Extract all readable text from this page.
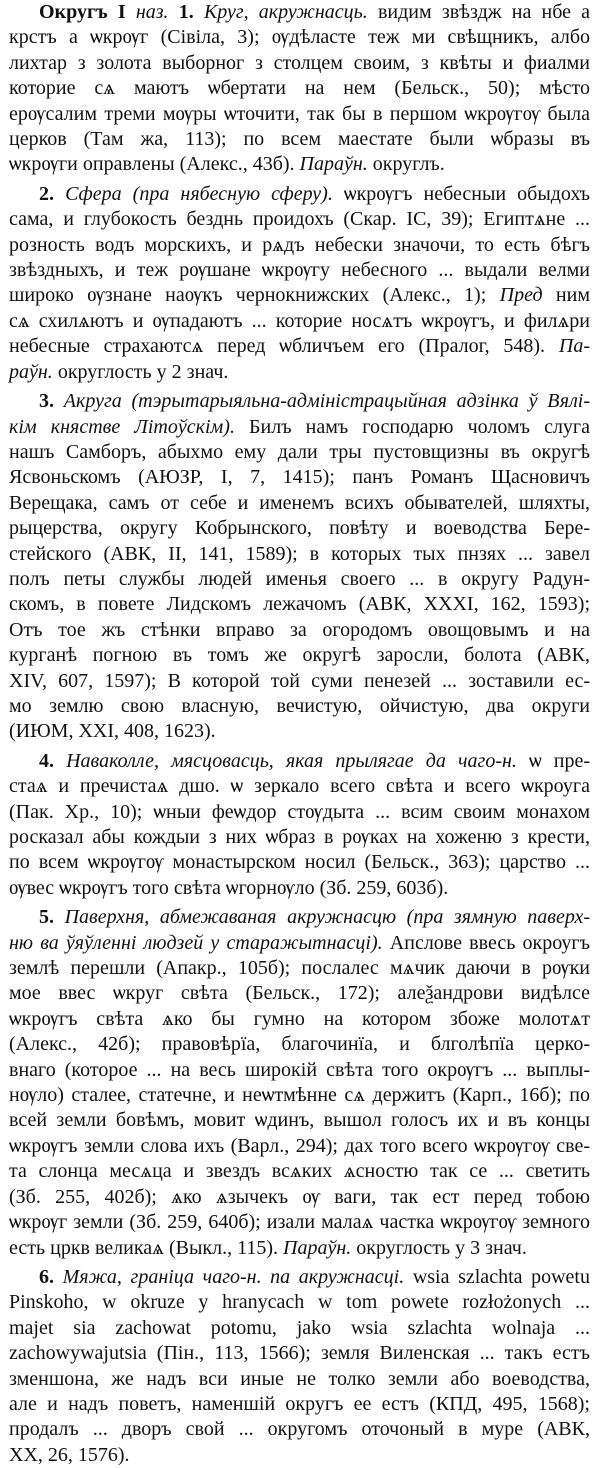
Округъ I наз. 1. Круг, акружнасць. видим звѣздж на нбе а
крстъ а ѡкрѹг (Сівіла, 3); ѹдѣласте теж ми свѣщникъ, албо
лихтар з золота выборног з столцем своим, з квѣты и фиалми
которие сѧ маютъ ѡбертати на нем (Бельск., 50); мѣсто
ерѹсалим треми мѹры ѡточити, так бы в першом ѡкрѹгѹ была
церков (Там жа, 113); по всем маестате были ѡбразы въ
ѡкрѹги оправлены (Алекс., 43б). Параўн. округлъ.
2. Сфера (пра нябесную сферу). ѡкрѹгъ небесныи обыдохъ
сама, и глубокость безднь проидохъ (Скар. ІС, 39); Египтѧне ...
розность водъ морскихъ, и рѧдъ небески значочи, то есть бѣгъ
звѣздныхъ, и теж рѹшане ѡкрѹгу небесного ... выдали велми
широко ѹзнане наѹкъ чернокнижских (Алекс., 1); Пред ним
сѧ схилѧютъ и ѹпадаютъ ... которие носѧтъ ѡкрѹгъ, и филѧри
небесные страхаютсѧ перед ѡбличъем его (Пралог, 548). Па-
раўн. округлость у 2 знач.
3. Акруга (тэрытарыяльна-адміністрацыйная адзінка ў Вялі-
кім княстве Літоўскім). Билъ намъ господарю чоломъ слуга
нашъ Самборъ, абыхмо ему дали тры пустовщизны въ округѣ
Ясвоньскомъ (АЮЗР, I, 7, 1415); панъ Романъ Щасновичъ
Верещака, самъ от себе и именемъ всихъ обывателей, шляхты,
рыцерства, округу Кобрынского, повѣту и воеводства Бере-
стейского (АВК, II, 141, 1589); в которых тых пнзях ... завел
полъ петы службы людей именья своего ... в округу Радун-
скомъ, в повете Лидскомъ лежачомъ (АВК, XXXI, 162, 1593);
Отъ тое жъ стѣнки вправо за огородомъ овощовымъ и на
курганѣ погною въ томъ же округѣ заросли, болота (АВК,
XIV, 607, 1597); В которой той суми пенезей ... зоставили ес-
мо землю свою власную, вечистую, ойчистую, два округи
(ИЮМ, XXI, 408, 1623).
4. Наваколле, мясцовасць, якая прылягае да чаго-н. ѡ пре-
стаѧ и пречистаѧ дшо. ѡ зеркало всего свѣта и всего ѡкроуга
(Пак. Хр., 10); ѡныи феѡдор стѹдыта ... всим своим монахом
росказал абы кождыи з них ѡбраз в рѹках на хоженю з крести,
по всем ѡкрѹгѹ монастырском носил (Бельск., 363); царство ...
ѹвес ѡкрѹгъ того свѣта ѡгорнѹло (Зб. 259, 603б).
5. Паверхня, абмежаваная акружнасцю (пра зямную паверх-
ню ва ўяўленні людзей у старажытнасці). Апслове ввесь окроугъ
землѣ перешли (Апакр., 105б); послалес мѧчик даючи в рѹки
мое ввес ѡкруг свѣта (Бельск., 172); алеѯандрови видѣлсе
ѡкрѹгъ свѣта ѧко бы гумно на котором збоже молотѧт
(Алекс., 42б); правовѣрїа, благочинїа, и блголѣпїа церко-
внаго (которое ... на весь широкій свѣта того окрѹгъ ... выплы-
нѹло) сталее, статечне, и неѡтмѣнне сѧ держитъ (Карп., 16б); по
всей земли бовѣмъ, мовит ѡдинъ, вышол голосъ их и въ концы
ѡкрѹгъ земли слова ихъ (Варл., 294); дах того всего ѡкрѹгѹ све-
та слонца месѧца и звездъ всѧких ѧсностю так се ... светить
(Зб. 255, 402б); ѧко ѧзычекъ ѹ ваги, так ест перед тобою
ѡкрѹг земли (Зб. 259, 640б); изали малаѧ частка ѡкрѹгѹ земного
есть цркв великаѧ (Выкл., 115). Параўн. округлость у 3 знач.
6. Мяжа, граніца чаго-н. па акружнасці. wsia szlachta powetu
Pinskoho, w okruze y hranycach w tom powete rozłożonych ...
majet sia zachowat potomu, jako wsia szlachta wolnaja ...
zachowywajutsia (Пін., 113, 1566); земля Виленская ... такъ естъ
зменшона, же надъ вси иные не толко земли або воеводства,
але и надъ поветъ, наменшій округъ ее естъ (КПД, 495, 1568);
продалъ ... дворъ свой ... округомъ оточоный в муре (АВК,
XX, 26, 1576).
